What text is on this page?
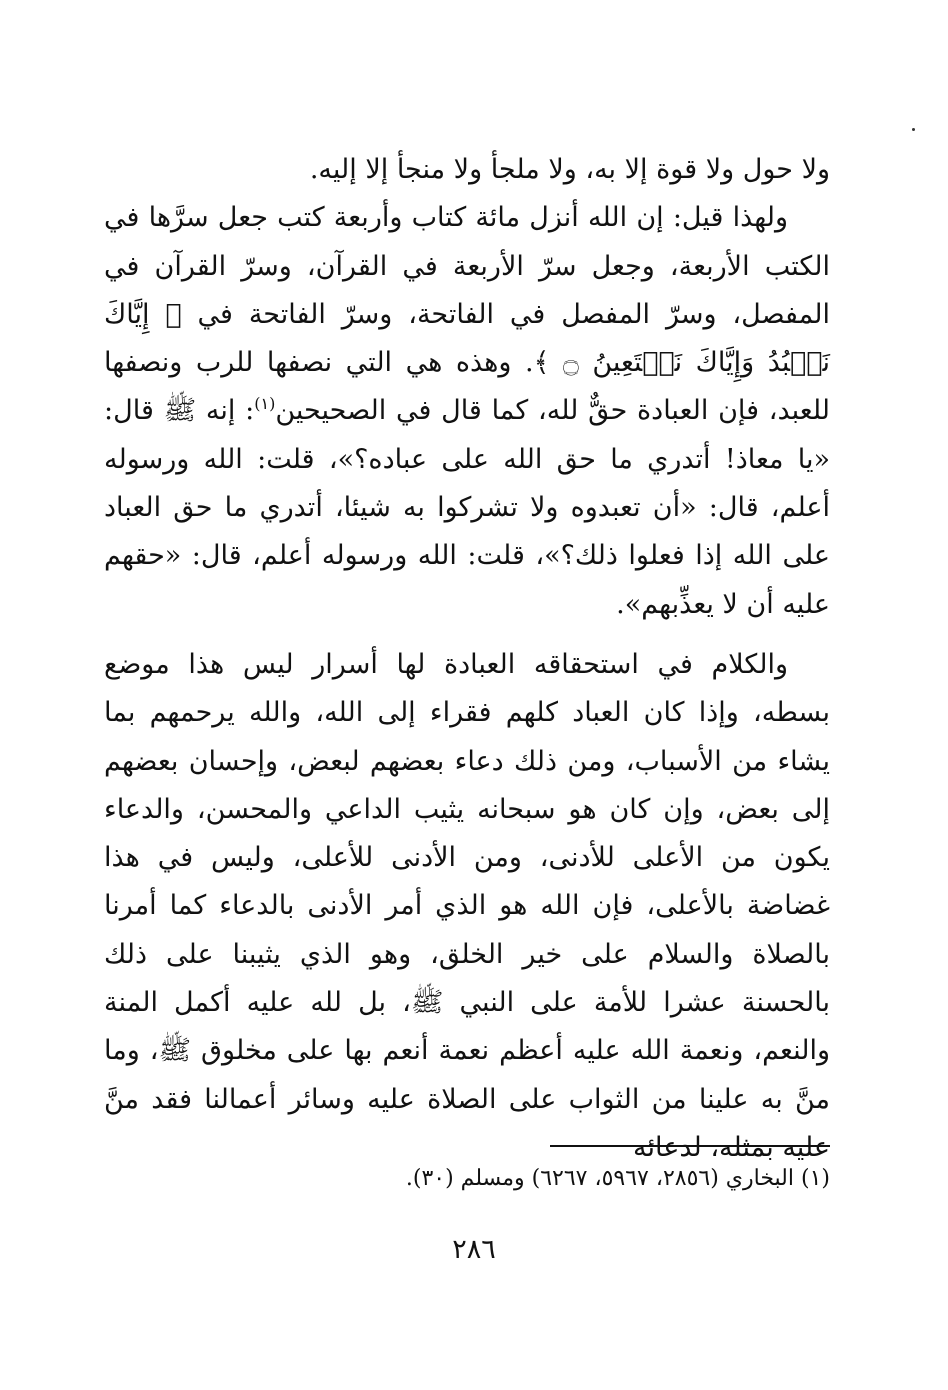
ولا حول ولا قوة إلا به، ولا ملجأ ولا منجأ إلا إليه.

ولهذا قيل: إن الله أنزل مائة كتاب وأربعة كتب جعل سرَّها في الكتب الأربعة، وجعل سرّ الأربعة في القرآن، وسرّ القرآن في المفصل، وسرّ المفصل في الفاتحة، وسرّ الفاتحة في ﴿ إِيَّاكَ نَعۡبُدُ وَإِيَّاكَ نَسۡتَعِينُ ۝ ﴾. وهذه هي التي نصفها للرب ونصفها للعبد، فإن العبادة حقٌّ لله، كما قال في الصحيحين$^{(١)}$: إنه ﷺ قال: «يا معاذ! أتدري ما حق الله على عباده؟»، قلت: الله ورسوله أعلم، قال: «أن تعبدوه ولا تشركوا به شيئا، أتدري ما حق العباد على الله إذا فعلوا ذلك؟»، قلت: الله ورسوله أعلم، قال: «حقهم عليه أن لا يعذِّبهم».

والكلام في استحقاقه العبادة لها أسرار ليس هذا موضع بسطه، وإذا كان العباد كلهم فقراء إلى الله، والله يرحمهم بما يشاء من الأسباب، ومن ذلك دعاء بعضهم لبعض، وإحسان بعضهم إلى بعض، وإن كان هو سبحانه يثيب الداعي والمحسن، والدعاء يكون من الأعلى للأدنى، ومن الأدنى للأعلى، وليس في هذا غضاضة بالأعلى، فإن الله هو الذي أمر الأدنى بالدعاء كما أمرنا بالصلاة والسلام على خير الخلق، وهو الذي يثيبنا على ذلك بالحسنة عشرا للأمة على النبي ﷺ، بل لله عليه أكمل المنة والنعم، ونعمة الله عليه أعظم نعمة أنعم بها على مخلوق ﷺ، وما منَّ به علينا من الثواب على الصلاة عليه وسائر أعمالنا فقد منَّ عليه بمثله، لدعائه

(١) البخاري (٢٨٥٦، ٥٩٦٧، ٦٢٦٧) ومسلم (٣٠).
٢٨٦
